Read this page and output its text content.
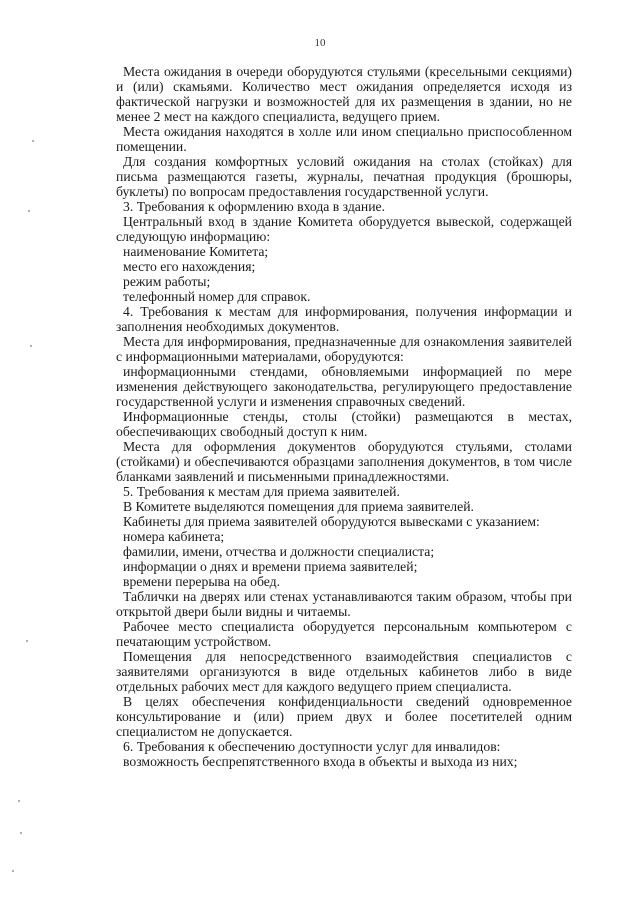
10

Места ожидания в очереди оборудуются стульями (кресельными секциями) и (или) скамьями. Количество мест ожидания определяется исходя из фактической нагрузки и возможностей для их размещения в здании, но не менее 2 мест на каждого специалиста, ведущего прием.

Места ожидания находятся в холле или ином специально приспособленном помещении.

Для создания комфортных условий ожидания на столах (стойках) для письма размещаются газеты, журналы, печатная продукция (брошюры, буклеты) по вопросам предоставления государственной услуги.

3. Требования к оформлению входа в здание.

Центральный вход в здание Комитета оборудуется вывеской, содержащей следующую информацию:

наименование Комитета;

место его нахождения;

режим работы;

телефонный номер для справок.

4. Требования к местам для информирования, получения информации и заполнения необходимых документов.

Места для информирования, предназначенные для ознакомления заявителей с информационными материалами, оборудуются:

информационными стендами, обновляемыми информацией по мере изменения действующего законодательства, регулирующего предоставление государственной услуги и изменения справочных сведений.

Информационные стенды, столы (стойки) размещаются в местах, обеспечивающих свободный доступ к ним.

Места для оформления документов оборудуются стульями, столами (стойками) и обеспечиваются образцами заполнения документов, в том числе бланками заявлений и письменными принадлежностями.

5. Требования к местам для приема заявителей.

В Комитете выделяются помещения для приема заявителей.

Кабинеты для приема заявителей оборудуются вывесками с указанием:

номера кабинета;

фамилии, имени, отчества и должности специалиста;

информации о днях и времени приема заявителей;

времени перерыва на обед.

Таблички на дверях или стенах устанавливаются таким образом, чтобы при открытой двери были видны и читаемы.

Рабочее место специалиста оборудуется персональным компьютером с печатающим устройством.

Помещения для непосредственного взаимодействия специалистов с заявителями организуются в виде отдельных кабинетов либо в виде отдельных рабочих мест для каждого ведущего прием специалиста.

В целях обеспечения конфиденциальности сведений одновременное консультирование и (или) прием двух и более посетителей одним специалистом не допускается.

6. Требования к обеспечению доступности услуг для инвалидов:

возможность беспрепятственного входа в объекты и выхода из них;
